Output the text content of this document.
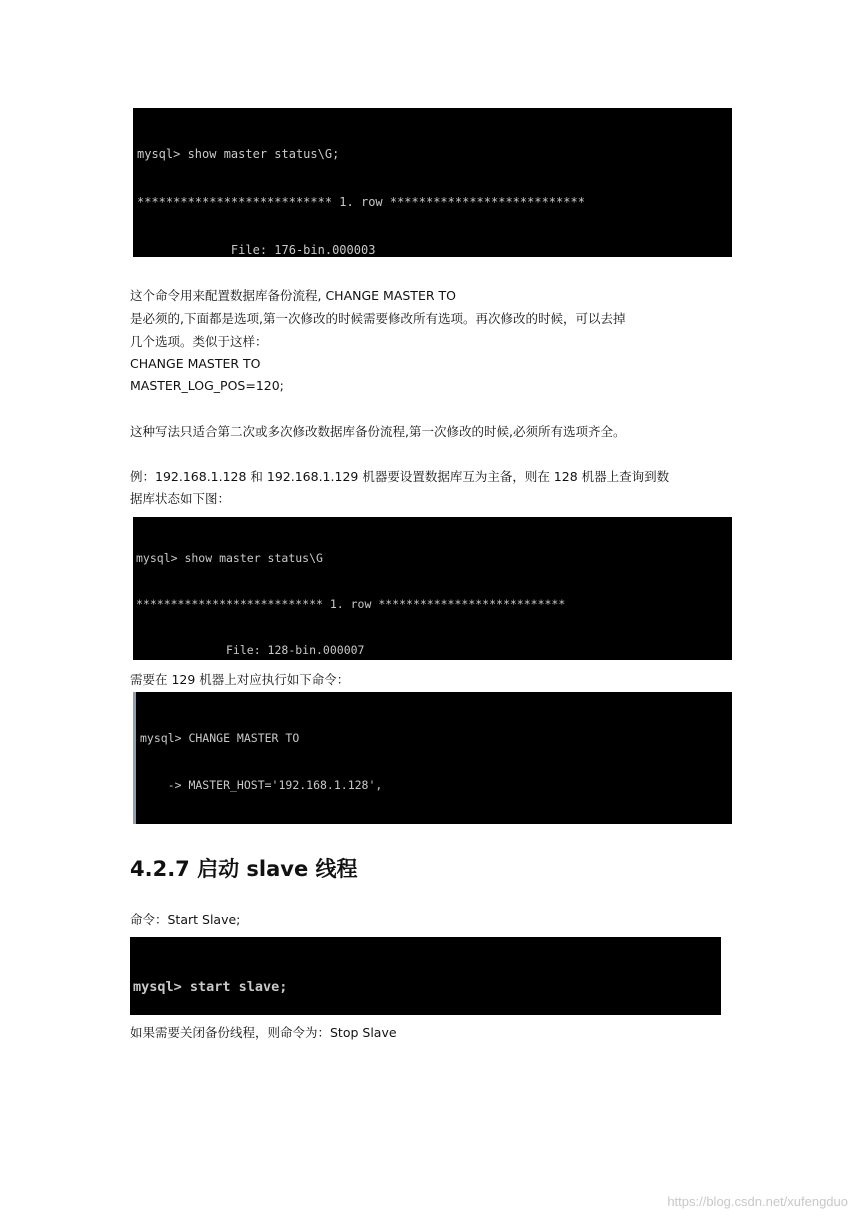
mysql> show master status\G;

*************************** 1. row ***************************

File: 176-bin.000003

这个命令用来配置数据库备份流程, CHANGE MASTER TO
是必须的,下面都是选项,第一次修改的时候需要修改所有选项。再次修改的时候，可以去掉
几个选项。类似于这样：
CHANGE MASTER TO
MASTER_LOG_POS=120;
这种写法只适合第二次或多次修改数据库备份流程,第一次修改的时候,必须所有选项齐全。
例：192.168.1.128 和 192.168.1.129 机器要设置数据库互为主备，则在 128 机器上查询到数
据库状态如下图：

mysql> show master status\G

*************************** 1. row ***************************

File: 128-bin.000007

需要在 129 机器上对应执行如下命令：

mysql> CHANGE MASTER TO

-> MASTER_HOST='192.168.1.128',

4.2.7 启动 slave 线程
命令：Start Slave;

mysql> start slave;

如果需要关闭备份线程，则命令为：Stop Slave
https://blog.csdn.net/xufengduo
